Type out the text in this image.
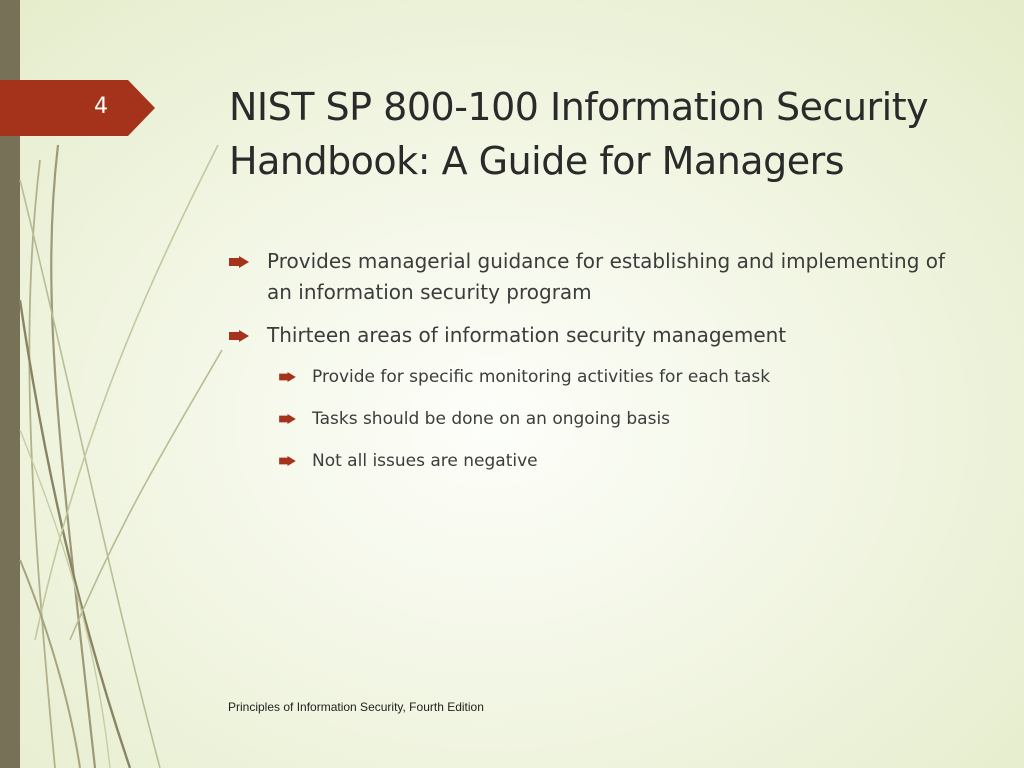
4	NIST SP 800-100 Information Security Handbook: A Guide for Managers
Provides managerial guidance for establishing and implementing of an information security program
Thirteen areas of information security management
Provide for specific monitoring activities for each task
Tasks should be done on an ongoing basis
Not all issues are negative
Principles of Information Security, Fourth Edition
